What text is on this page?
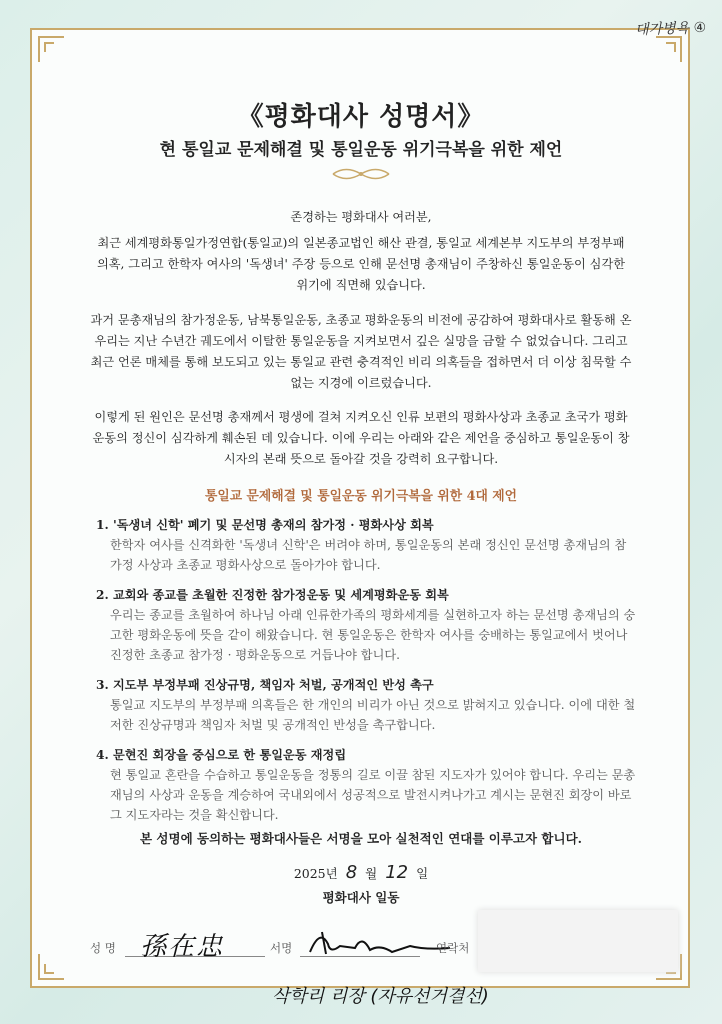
대가병욕 ④
《평화대사 성명서》
현 통일교 문제해결 및 통일운동 위기극복을 위한 제언
존경하는 평화대사 여러분,
최근 세계평화통일가정연합(통일교)의 일본종교법인 해산 관결, 통일교 세계본부 지도부의 부정부패 의혹, 그리고 한학자 여사의 '독생녀' 주장 등으로 인해 문선명 총재님이 주창하신 통일운동이 심각한 위기에 직면해 있습니다.
과거 문총재님의 참가정운동, 남북통일운동, 초종교 평화운동의 비전에 공감하여 평화대사로 활동해 온 우리는 지난 수년간 궤도에서 이탈한 통일운동을 지켜보면서 깊은 실망을 금할 수 없었습니다. 그리고 최근 언론 매체를 통해 보도되고 있는 통일교 관련 충격적인 비리 의혹들을 접하면서 더 이상 침묵할 수 없는 지경에 이르렀습니다.
이렇게 된 원인은 문선명 총재께서 평생에 걸쳐 지켜오신 인류 보편의 평화사상과 초종교 초국가 평화운동의 정신이 심각하게 훼손된 데 있습니다. 이에 우리는 아래와 같은 제언을 중심하고 통일운동이 창시자의 본래 뜻으로 돌아갈 것을 강력히 요구합니다.
통일교 문제해결 및 통일운동 위기극복을 위한 4대 제언
1. '독생녀 신학' 폐기 및 문선명 총재의 참가정 · 평화사상 회복
한학자 여사를 신격화한 '독생녀 신학'은 버려야 하며, 통일운동의 본래 정신인 문선명 총재님의 참가정 사상과 초종교 평화사상으로 돌아가야 합니다.
2. 교회와 종교를 초월한 진정한 참가정운동 및 세계평화운동 회복
우리는 종교를 초월하여 하나님 아래 인류한가족의 평화세계를 실현하고자 하는 문선명 총재님의 숭고한 평화운동에 뜻을 같이 해왔습니다. 현 통일운동은 한학자 여사를 숭배하는 통일교에서 벗어나 진정한 초종교 참가정 · 평화운동으로 거듭나야 합니다.
3. 지도부 부정부패 진상규명, 책임자 처벌, 공개적인 반성 촉구
통일교 지도부의 부정부패 의혹들은 한 개인의 비리가 아닌 것으로 밝혀지고 있습니다. 이에 대한 철저한 진상규명과 책임자 처벌 및 공개적인 반성을 촉구합니다.
4. 문현진 회장을 중심으로 한 통일운동 재정립
현 통일교 혼란을 수습하고 통일운동을 정통의 길로 이끌 참된 지도자가 있어야 합니다. 우리는 문총재님의 사상과 운동을 계승하여 국내외에서 성공적으로 발전시켜나가고 계시는 문현진 회장이 바로 그 지도자라는 것을 확신합니다.
본 성명에 동의하는 평화대사들은 서명을 모아 실천적인 연대를 이루고자 합니다.
2025년 8 월 12 일
평화대사 일동
성 명 孫在忠	서명	연락처
삭학리 리장 (자유선거결선)
